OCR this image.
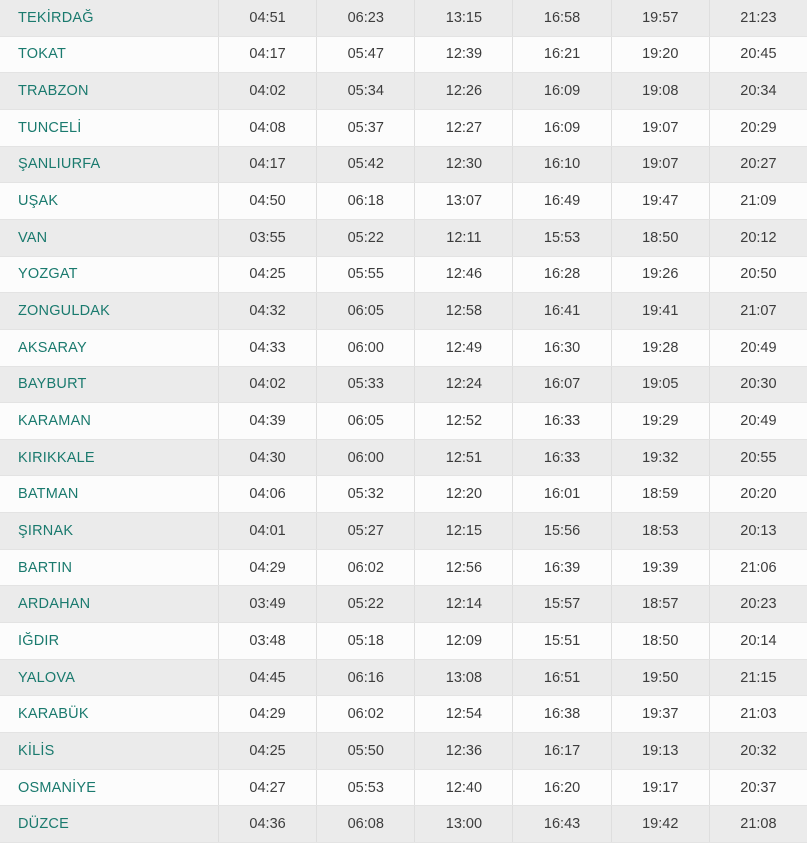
TEKİRDAĞ	04:51	06:23	13:15	16:58	19:57	21:23
TOKAT	04:17	05:47	12:39	16:21	19:20	20:45
TRABZON	04:02	05:34	12:26	16:09	19:08	20:34
TUNCELİ	04:08	05:37	12:27	16:09	19:07	20:29
ŞANLIURFA	04:17	05:42	12:30	16:10	19:07	20:27
UŞAK	04:50	06:18	13:07	16:49	19:47	21:09
VAN	03:55	05:22	12:11	15:53	18:50	20:12
YOZGAT	04:25	05:55	12:46	16:28	19:26	20:50
ZONGULDAK	04:32	06:05	12:58	16:41	19:41	21:07
AKSARAY	04:33	06:00	12:49	16:30	19:28	20:49
BAYBURT	04:02	05:33	12:24	16:07	19:05	20:30
KARAMAN	04:39	06:05	12:52	16:33	19:29	20:49
KIRIKKALE	04:30	06:00	12:51	16:33	19:32	20:55
BATMAN	04:06	05:32	12:20	16:01	18:59	20:20
ŞIRNAK	04:01	05:27	12:15	15:56	18:53	20:13
BARTIN	04:29	06:02	12:56	16:39	19:39	21:06
ARDAHAN	03:49	05:22	12:14	15:57	18:57	20:23
IĞDIR	03:48	05:18	12:09	15:51	18:50	20:14
YALOVA	04:45	06:16	13:08	16:51	19:50	21:15
KARABÜK	04:29	06:02	12:54	16:38	19:37	21:03
KİLİS	04:25	05:50	12:36	16:17	19:13	20:32
OSMANİYE	04:27	05:53	12:40	16:20	19:17	20:37
DÜZCE	04:36	06:08	13:00	16:43	19:42	21:08
